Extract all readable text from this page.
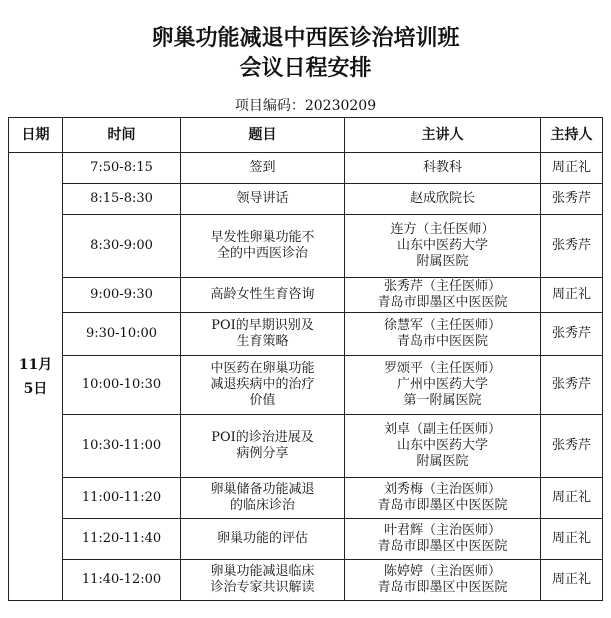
卵巢功能减退中西医诊治培训班
会议日程安排
项目编码：20230209
日期	时间	题目	主讲人	主持人
11月
5日	7:50-8:15	签到	科教科	周正礼
	8:15-8:30	领导讲话	赵成欣院长	张秀芹
	8:30-9:00	早发性卵巢功能不
全的中西医诊治	连方（主任医师）
山东中医药大学
附属医院	张秀芹
	9:00-9:30	高龄女性生育咨询	张秀芹（主任医师）
青岛市即墨区中医医院	周正礼
	9:30-10:00	POI的早期识别及
生育策略	徐慧军（主任医师）
青岛市中医医院	张秀芹
	10:00-10:30	中医药在卵巢功能
减退疾病中的治疗
价值	罗颂平（主任医师）
广州中医药大学
第一附属医院	张秀芹
	10:30-11:00	POI的诊治进展及
病例分享	刘卓（副主任医师）
山东中医药大学
附属医院	张秀芹
	11:00-11:20	卵巢储备功能减退
的临床诊治	刘秀梅（主治医师）
青岛市即墨区中医医院	周正礼
	11:20-11:40	卵巢功能的评估	叶君辉（主治医师）
青岛市即墨区中医医院	周正礼
	11:40-12:00	卵巢功能减退临床
诊治专家共识解读	陈婷婷（主治医师）
青岛市即墨区中医医院	周正礼
